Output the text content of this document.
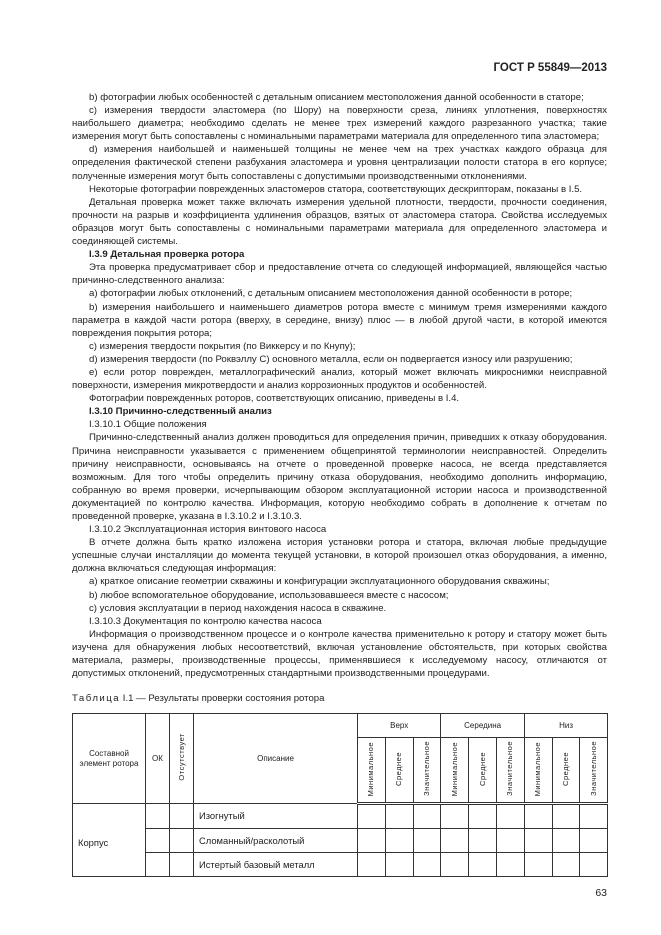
ГОСТ Р 55849—2013

b) фотографии любых особенностей с детальным описанием местоположения данной особенности в статоре;

c) измерения твердости эластомера (по Шору) на поверхности среза, линиях уплотнения, поверхностях наибольшего диаметра; необходимо сделать не менее трех измерений каждого разрезанного участка; такие измерения могут быть сопоставлены с номинальными параметрами материала для определенного типа эластомера;

d) измерения наибольшей и наименьшей толщины не менее чем на трех участках каждого образца для определения фактической степени разбухания эластомера и уровня централизации полости статора в его корпусе; полученные измерения могут быть сопоставлены с допустимыми производственными отклонениями.

Некоторые фотографии поврежденных эластомеров статора, соответствующих дескрипторам, показаны в I.5.

Детальная проверка может также включать измерения удельной плотности, твердости, прочности соединения, прочности на разрыв и коэффициента удлинения образцов, взятых от эластомера статора. Свойства исследуемых образцов могут быть сопоставлены с номинальными параметрами материала для определенного эластомера и соединяющей системы.

I.3.9 Детальная проверка ротора

Эта проверка предусматривает сбор и предоставление отчета со следующей информацией, являющейся частью причинно-следственного анализа:

a) фотографии любых отклонений, с детальным описанием местоположения данной особенности в роторе;

b) измерения наибольшего и наименьшего диаметров ротора вместе с минимум тремя измерениями каждого параметра в каждой части ротора (вверху, в середине, внизу) плюс — в любой другой части, в которой имеются повреждения покрытия ротора;

c) измерения твердости покрытия (по Виккерсу и по Кнупу);

d) измерения твердости (по Роквэллу С) основного металла, если он подвергается износу или разрушению;

e) если ротор поврежден, металлографический анализ, который может включать микроснимки неисправной поверхности, измерения микротвердости и анализ коррозионных продуктов и особенностей.

Фотографии поврежденных роторов, соответствующих описанию, приведены в I.4.

I.3.10 Причинно-следственный анализ

I.3.10.1 Общие положения

Причинно-следственный анализ должен проводиться для определения причин, приведших к отказу оборудования. Причина неисправности указывается с применением общепринятой терминологии неисправностей. Определить причину неисправности, основываясь на отчете о проведенной проверке насоса, не всегда представляется возможным. Для того чтобы определить причину отказа оборудования, необходимо дополнить информацию, собранную во время проверки, исчерпывающим обзором эксплуатационной истории насоса и производственной документацией по контролю качества. Информация, которую необходимо собрать в дополнение к отчетам по проведенной проверке, указана в I.3.10.2 и I.3.10.3.

I.3.10.2 Эксплуатационная история винтового насоса

В отчете должна быть кратко изложена история установки ротора и статора, включая любые предыдущие успешные случаи инсталляции до момента текущей установки, в которой произошел отказ оборудования, а именно, должна включаться следующая информация:

a) краткое описание геометрии скважины и конфигурации эксплуатационного оборудования скважины;

b) любое вспомогательное оборудование, использовавшееся вместе с насосом;

c) условия эксплуатации в период нахождения насоса в скважине.

I.3.10.3 Документация по контролю качества насоса

Информация о производственном процессе и о контроле качества применительно к ротору и статору может быть изучена для обнаружения любых несоответствий, включая установление обстоятельств, при которых свойства материала, размеры, производственные процессы, применявшиеся к исследуемому насосу, отличаются от допустимых отклонений, предусмотренных стандартными производственными процедурами.

Таблица I.1 — Результаты проверки состояния ротора
Составной элемент ротора	ОК	Отсутствует	Описание	Верх			Середина			Низ		
				Минимальное	Среднее	Значительное	Минимальное	Среднее	Значительное	Минимальное	Среднее	Значительное
Корпус			Изогнутый									
			Сломанный/расколотый									
			Истертый базовый металл									
63
